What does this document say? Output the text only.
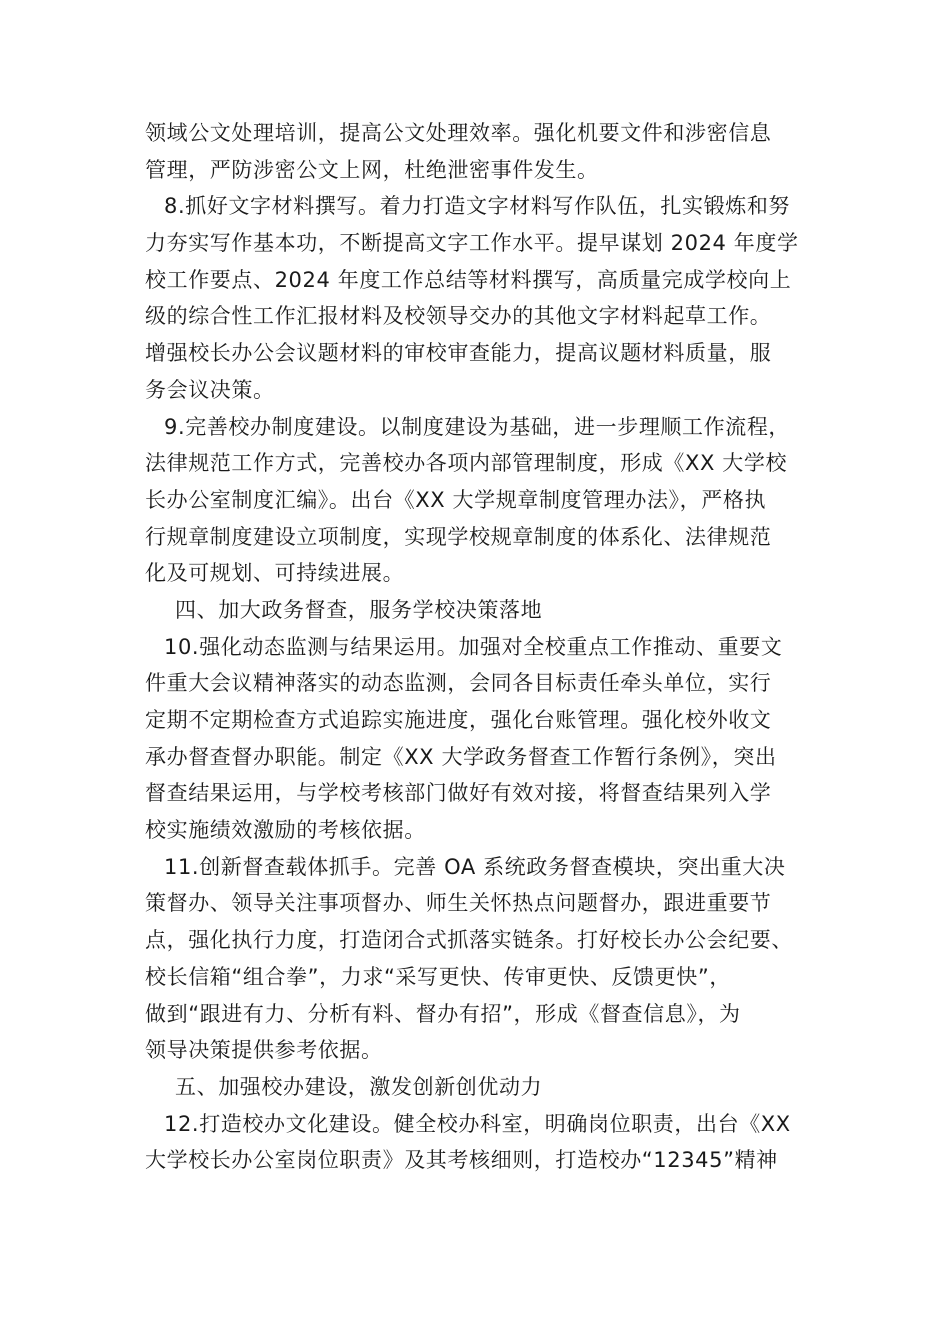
领域公文处理培训，提高公文处理效率。强化机要文件和涉密信息
管理，严防涉密公文上网，杜绝泄密事件发生。
8.抓好文字材料撰写。着力打造文字材料写作队伍，扎实锻炼和努
力夯实写作基本功，不断提高文字工作水平。提早谋划 2024 年度学
校工作要点、2024 年度工作总结等材料撰写，高质量完成学校向上
级的综合性工作汇报材料及校领导交办的其他文字材料起草工作。
增强校长办公会议题材料的审校审查能力，提高议题材料质量，服
务会议决策。
9.完善校办制度建设。以制度建设为基础，进一步理顺工作流程，
法律规范工作方式，完善校办各项内部管理制度，形成《XX 大学校
长办公室制度汇编》。出台《XX 大学规章制度管理办法》，严格执
行规章制度建设立项制度，实现学校规章制度的体系化、法律规范
化及可规划、可持续进展。
四、加大政务督查，服务学校决策落地
10.强化动态监测与结果运用。加强对全校重点工作推动、重要文
件重大会议精神落实的动态监测，会同各目标责任牵头单位，实行
定期不定期检查方式追踪实施进度，强化台账管理。强化校外收文
承办督查督办职能。制定《XX 大学政务督查工作暂行条例》，突出
督查结果运用，与学校考核部门做好有效对接，将督查结果列入学
校实施绩效激励的考核依据。
11.创新督查载体抓手。完善 OA 系统政务督查模块，突出重大决
策督办、领导关注事项督办、师生关怀热点问题督办，跟进重要节
点，强化执行力度，打造闭合式抓落实链条。打好校长办公会纪要、
校长信箱“组合拳”，力求“采写更快、传审更快、反馈更快”，
做到“跟进有力、分析有料、督办有招”，形成《督查信息》，为
领导决策提供参考依据。
五、加强校办建设，激发创新创优动力
12.打造校办文化建设。健全校办科室，明确岗位职责，出台《XX
大学校长办公室岗位职责》及其考核细则，打造校办“12345”精神
